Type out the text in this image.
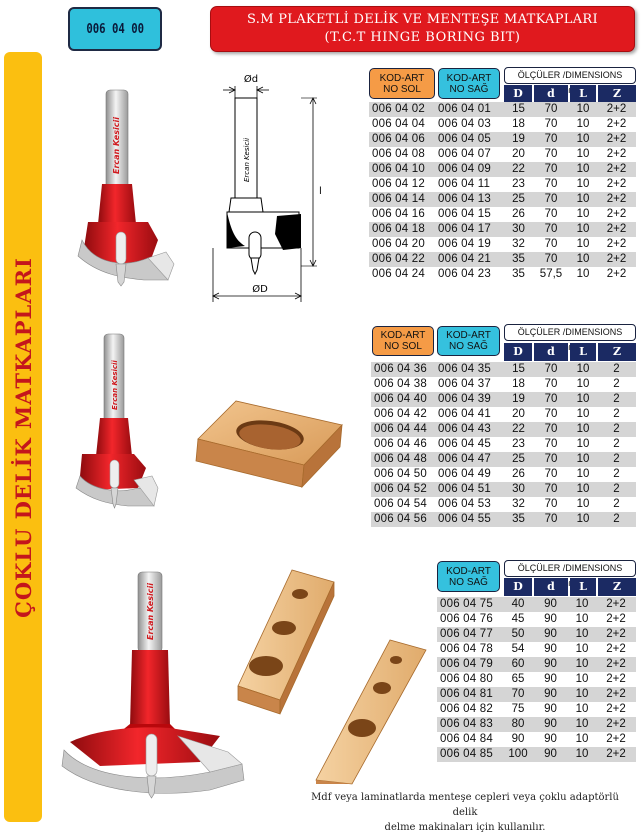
006 04 00
S.M PLAKETLİ DELİK VE MENTEŞE MATKAPLARI
(T.C.T HINGE BORING BIT)
ÇOKLU DELİK MATKAPLARI
Ercan Kesicii
Ød
Ercan Kesicii
l
ØD
Ercan Kesicii
Ercan Kesicii
KOD-ART
NO SOL
KOD-ART
NO SAĞ
ÖLÇÜLER /DIMENSIONS
D	d	L	Z
006 04 02	006 04 01	15	70	10	2+2
006 04 04	006 04 03	18	70	10	2+2
006 04 06	006 04 05	19	70	10	2+2
006 04 08	006 04 07	20	70	10	2+2
006 04 10	006 04 09	22	70	10	2+2
006 04 12	006 04 11	23	70	10	2+2
006 04 14	006 04 13	25	70	10	2+2
006 04 16	006 04 15	26	70	10	2+2
006 04 18	006 04 17	30	70	10	2+2
006 04 20	006 04 19	32	70	10	2+2
006 04 22	006 04 21	35	70	10	2+2
006 04 24	006 04 23	35	57,5	10	2+2
KOD-ART
NO SOL
KOD-ART
NO SAĞ
ÖLÇÜLER /DIMENSIONS
D	d	L	Z
006 04 36	006 04 35	15	70	10	2
006 04 38	006 04 37	18	70	10	2
006 04 40	006 04 39	19	70	10	2
006 04 42	006 04 41	20	70	10	2
006 04 44	006 04 43	22	70	10	2
006 04 46	006 04 45	23	70	10	2
006 04 48	006 04 47	25	70	10	2
006 04 50	006 04 49	26	70	10	2
006 04 52	006 04 51	30	70	10	2
006 04 54	006 04 53	32	70	10	2
006 04 56	006 04 55	35	70	10	2
KOD-ART
NO SAĞ
ÖLÇÜLER /DIMENSIONS
D	d	L	Z
006 04 75	40	90	10	2+2
006 04 76	45	90	10	2+2
006 04 77	50	90	10	2+2
006 04 78	54	90	10	2+2
006 04 79	60	90	10	2+2
006 04 80	65	90	10	2+2
006 04 81	70	90	10	2+2
006 04 82	75	90	10	2+2
006 04 83	80	90	10	2+2
006 04 84	90	90	10	2+2
006 04 85	100	90	10	2+2
Mdf veya laminatlarda menteşe cepleri veya çoklu adaptörlü delik
delme makinaları için kullanılır.
